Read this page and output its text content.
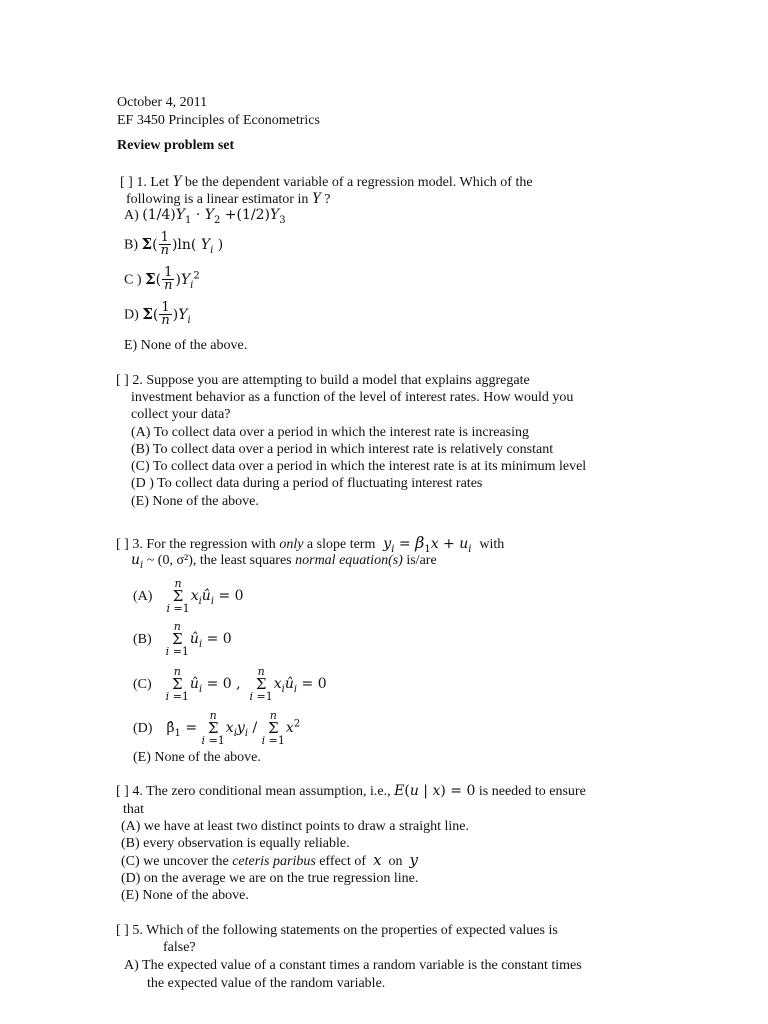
October 4, 2011
EF 3450 Principles of Econometrics
Review problem set
[ ] 1. Let Y be the dependent variable of a regression model. Which of the
following is a linear estimator in Y ?
A) $(1/4)Y_1 \cdot Y_2 +(1/2)Y_3$
B) $\Sigma( \frac{1}{n} )\ln$( $Y_i$ )
C ) $\Sigma( \frac{1}{n} )Y_i^2$
D) $\Sigma( \frac{1}{n} )Y_i$
E) None of the above.
[ ] 2. Suppose you are attempting to build a model that explains aggregate
investment behavior as a function of the level of interest rates. How would you
collect your data?
(A) To collect data over a period in which the interest rate is increasing
(B) To collect data over a period in which interest rate is relatively constant
(C) To collect data over a period in which the interest rate is at its minimum level
(D ) To collect data during a period of fluctuating interest rates
(E) None of the above.
[ ] 3. For the regression with only a slope term $y_i = \beta_1x + u_i$ with
$u_i$ ~ (0, σ²), the least squares normal equation(s) is/are
(A)
n
Σ
i =1
$x_iû_i = 0$
(B)
n
Σ
i =1
$û_i = 0$
(C)
n
Σ
i =1
$û_i = 0$ ,
n
Σ
i =1
$x_iû_i = 0$
(D) $\betâ_1$ =
n
Σ
i =1
$x_iy_i$ /
n
Σ
i =1
$x^2$
(E) None of the above.
[ ] 4. The zero conditional mean assumption, i.e., E(u | x) = 0 is needed to ensure
that
(A) we have at least two distinct points to draw a straight line.
(B) every observation is equally reliable.
(C) we uncover the ceteris paribus effect of x on y
(D) on the average we are on the true regression line.
(E) None of the above.
[ ] 5. Which of the following statements on the properties of expected values is
false?
A) The expected value of a constant times a random variable is the constant times
the expected value of the random variable.
